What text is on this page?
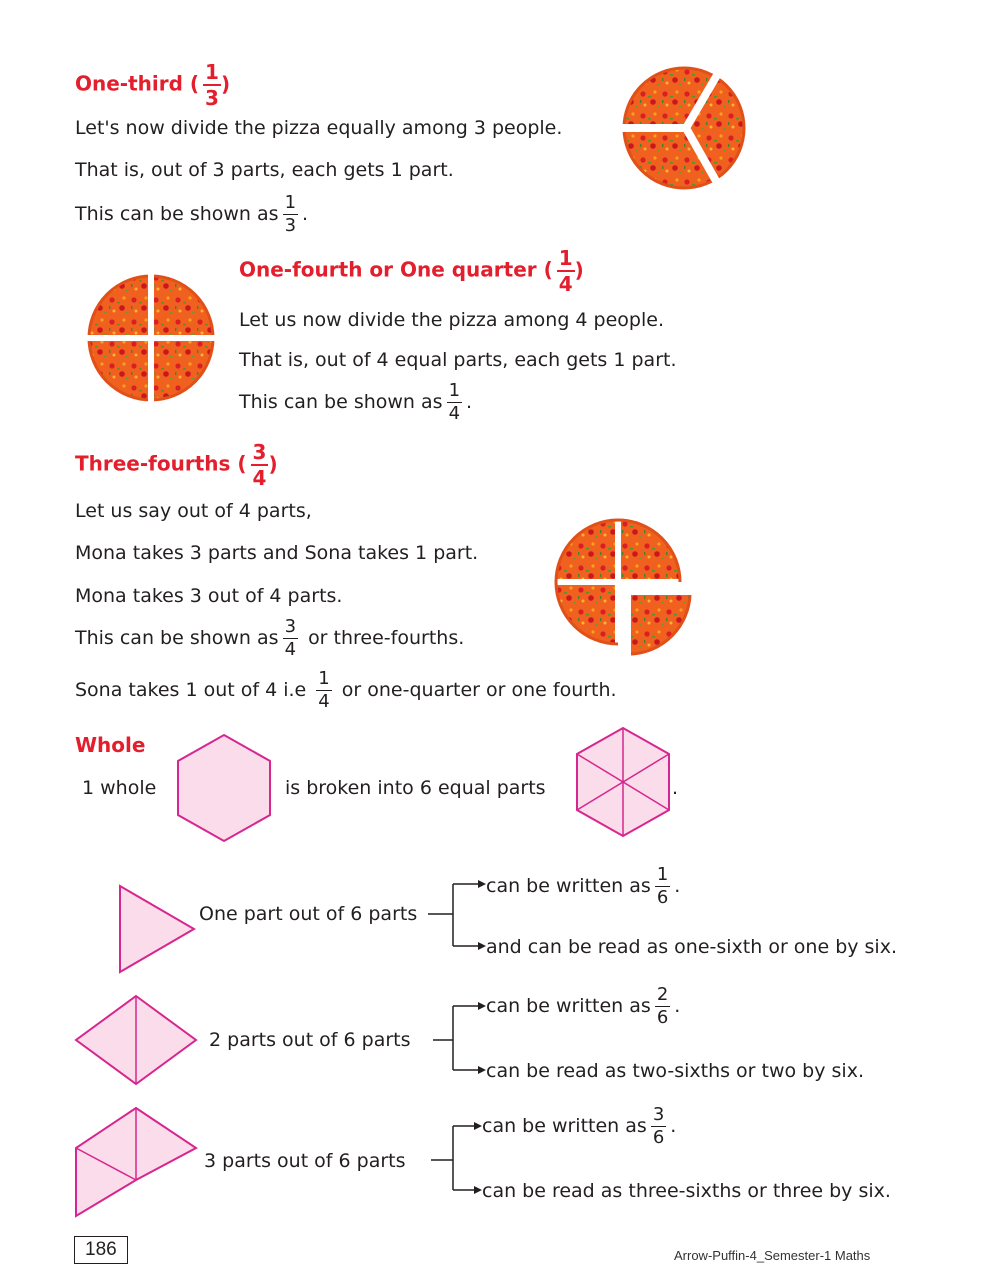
One-third ( $\frac{1}{3}$ )
Let's now divide the pizza equally among 3 people.
That is, out of 3 parts, each gets 1 part.
This can be shown as $\frac{1}{3}$ .
One-fourth or One quarter ( $\frac{1}{4}$ )
Let us now divide the pizza among 4 people.
That is, out of 4 equal parts, each gets 1 part.
This can be shown as $\frac{1}{4}$ .
Three-fourths ( $\frac{3}{4}$ )
Let us say out of 4 parts,
Mona takes 3 parts and Sona takes 1 part.
Mona takes 3 out of 4 parts.
This can be shown as $\frac{3}{4}$ or three-fourths.
Sona takes 1 out of 4 $i.e \frac{1}{4}$ or one-quarter or one fourth.
Whole
1 whole	is broken into 6 equal parts	.
One part out of 6 parts
can be written as $\frac{1}{6}$ .
and can be read as one-sixth or one by six.
2 parts out of 6 parts
can be written as $\frac{2}{6}$ .
can be read as two-sixths or two by six.
3 parts out of 6 parts
can be written as $\frac{3}{6}$ .
can be read as three-sixths or three by six.
186	Arrow-Puffin-4_Semester-1 Maths
